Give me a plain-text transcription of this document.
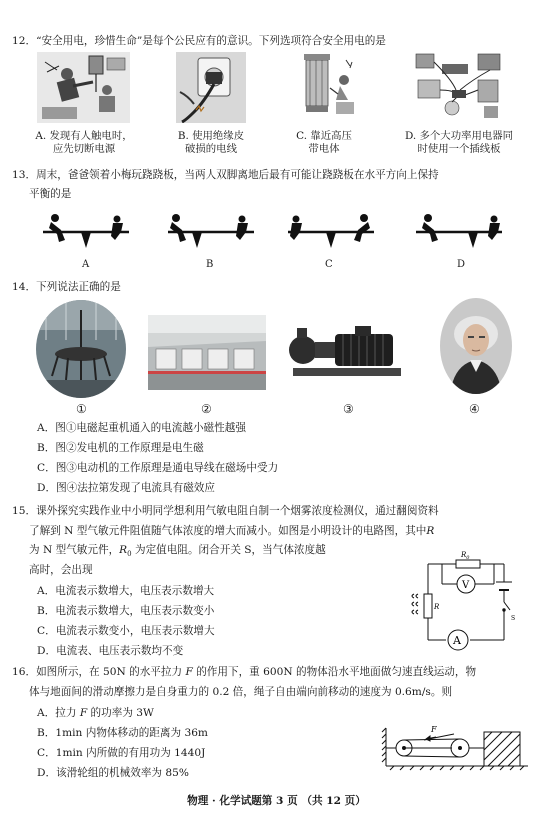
12．“安全用电，珍惜生命”是每个公民应有的意识。下列选项符合安全用电的是
A. 发现有人触电时，
应先切断电源
B. 使用绝缘皮
破损的电线
C. 靠近高压
带电体
D. 多个大功率用电器同
时使用一个插线板
13．周末，爸爸领着小梅玩跷跷板，当两人双脚离地后最有可能让跷跷板在水平方向上保持
平衡的是
A	B	C	D
14．下列说法正确的是
①	②	③	④
A．图①电磁起重机通入的电流越小磁性越强
B．图②发电机的工作原理是电生磁
C．图③电动机的工作原理是通电导线在磁场中受力
D．图④法拉第发现了电流具有磁效应
15．课外探究实践作业中小明同学想利用气敏电阻自制一个烟雾浓度检测仪，通过翻阅资料
了解到 N 型气敏元件阻值随气体浓度的增大而减小。如图是小明设计的电路图，其中R
为 N 型气敏元件，$R_0$ 为定值电阻。闭合开关 S，当气体浓度越
高时，会出现
A．电流表示数增大，电压表示数增大
B．电流表示数增大，电压表示数变小
C．电流表示数变小，电压表示数增大
D．电流表、电压表示数均不变
$R_0$
V
R
A
S
16．如图所示，在 50N 的水平拉力 F 的作用下，重 600N 的物体沿水平地面做匀速直线运动，物
体与地面间的滑动摩擦力是自身重力的 0.2 倍，绳子自由端向前移动的速度为 0.6m/s。则
A．拉力 F 的功率为 3W
B．1min 内物体移动的距离为 36m
C．1min 内所做的有用功为 1440J
D．该滑轮组的机械效率为 85%
F
物理 · 化学试题第 3 页 （共 12 页）
